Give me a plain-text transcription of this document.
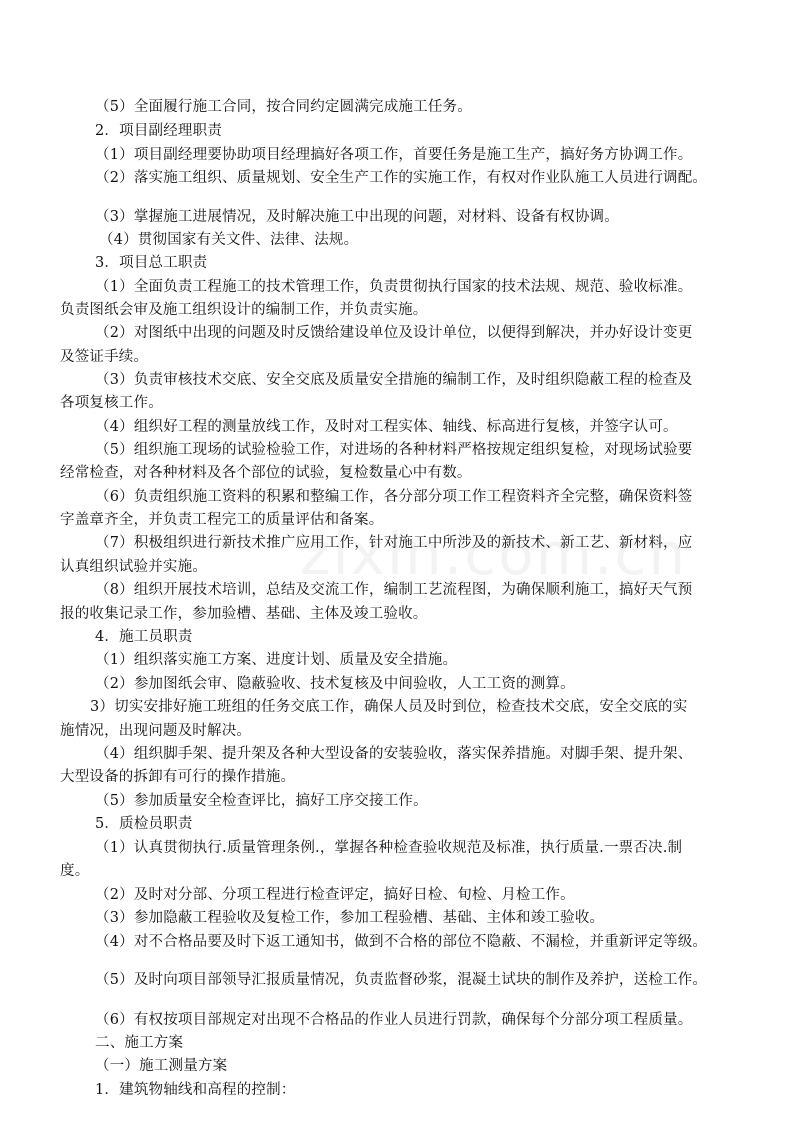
（5）全面履行施工合同，按合同约定圆满完成施工任务。
2．项目副经理职责
（1）项目副经理要协助项目经理搞好各项工作，首要任务是施工生产，搞好务方协调工作。
（2）落实施工组织、质量规划、安全生产工作的实施工作，有权对作业队施工人员进行调配。
（3）掌握施工进展情况，及时解决施工中出现的问题，对材料、设备有权协调。
（4）贯彻国家有关文件、法律、法规。
3．项目总工职责
（1）全面负责工程施工的技术管理工作，负责贯彻执行国家的技术法规、规范、验收标准。
负责图纸会审及施工组织设计的编制工作，并负责实施。
（2）对图纸中出现的问题及时反馈给建设单位及设计单位，以便得到解决，并办好设计变更
及签证手续。
（3）负责审核技术交底、安全交底及质量安全措施的编制工作，及时组织隐蔽工程的检查及
各项复核工作。
（4）组织好工程的测量放线工作，及时对工程实体、轴线、标高进行复核，并签字认可。
（5）组织施工现场的试验检验工作，对进场的各种材料严格按规定组织复检，对现场试验要
经常检查，对各种材料及各个部位的试验，复检数量心中有数。
（6）负责组织施工资料的积累和整编工作，各分部分项工作工程资料齐全完整，确保资料签
字盖章齐全，并负责工程完工的质量评估和备案。
（7）积极组织进行新技术推广应用工作，针对施工中所涉及的新技术、新工艺、新材料，应
认真组织试验并实施。
（8）组织开展技术培训，总结及交流工作，编制工艺流程图，为确保顺利施工，搞好天气预
报的收集记录工作，参加验槽、基础、主体及竣工验收。
4．施工员职责
（1）组织落实施工方案、进度计划、质量及安全措施。
（2）参加图纸会审、隐蔽验收、技术复核及中间验收，人工工资的测算。
3）切实安排好施工班组的任务交底工作，确保人员及时到位，检查技术交底，安全交底的实
施情况，出现问题及时解决。
（4）组织脚手架、提升架及各种大型设备的安装验收，落实保养措施。对脚手架、提升架、
大型设备的拆卸有可行的操作措施。
（5）参加质量安全检查评比，搞好工序交接工作。
5．质检员职责
（1）认真贯彻执行.质量管理条例.，掌握各种检查验收规范及标准，执行质量.一票否决.制
度。
（2）及时对分部、分项工程进行检查评定，搞好日检、旬检、月检工作。
（3）参加隐蔽工程验收及复检工作，参加工程验槽、基础、主体和竣工验收。
（4）对不合格品要及时下返工通知书，做到不合格的部位不隐蔽、不漏检，并重新评定等级。
（5）及时向项目部领导汇报质量情况，负责监督砂浆，混凝土试块的制作及养护，送检工作。
（6）有权按项目部规定对出现不合格品的作业人员进行罚款，确保每个分部分项工程质量。
二、施工方案
（一）施工测量方案
1．建筑物轴线和高程的控制：
